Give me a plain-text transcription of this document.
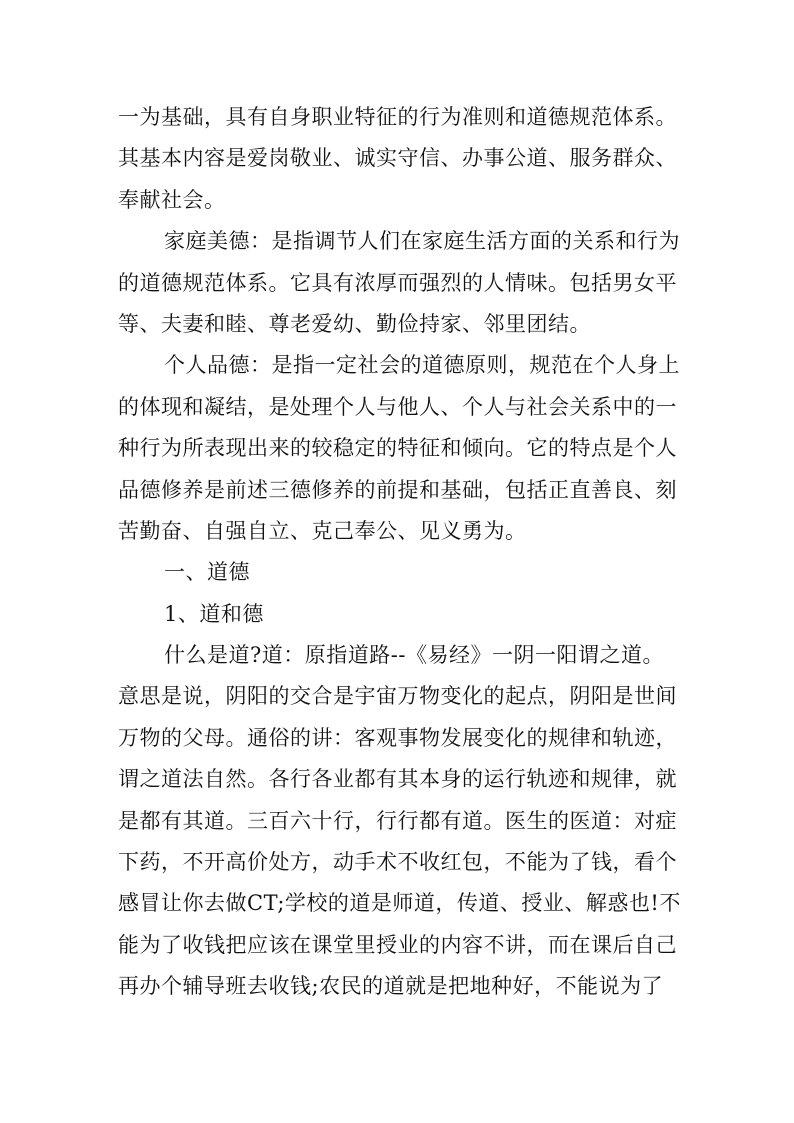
一为基础，具有自身职业特征的行为准则和道德规范体系。
其基本内容是爱岗敬业、诚实守信、办事公道、服务群众、
奉献社会。
家庭美德：是指调节人们在家庭生活方面的关系和行为
的道德规范体系。它具有浓厚而强烈的人情味。包括男女平
等、夫妻和睦、尊老爱幼、勤俭持家、邻里团结。
个人品德：是指一定社会的道德原则，规范在个人身上
的体现和凝结，是处理个人与他人、个人与社会关系中的一
种行为所表现出来的较稳定的特征和倾向。它的特点是个人
品德修养是前述三德修养的前提和基础，包括正直善良、刻
苦勤奋、自强自立、克己奉公、见义勇为。
一、道德
1、道和德
什么是道?道：原指道路--《易经》一阴一阳谓之道。
意思是说，阴阳的交合是宇宙万物变化的起点，阴阳是世间
万物的父母。通俗的讲：客观事物发展变化的规律和轨迹，
谓之道法自然。各行各业都有其本身的运行轨迹和规律，就
是都有其道。三百六十行，行行都有道。医生的医道：对症
下药，不开高价处方，动手术不收红包，不能为了钱，看个
感冒让你去做CT;学校的道是师道，传道、授业、解惑也!不
能为了收钱把应该在课堂里授业的内容不讲，而在课后自己
再办个辅导班去收钱;农民的道就是把地种好，不能说为了
